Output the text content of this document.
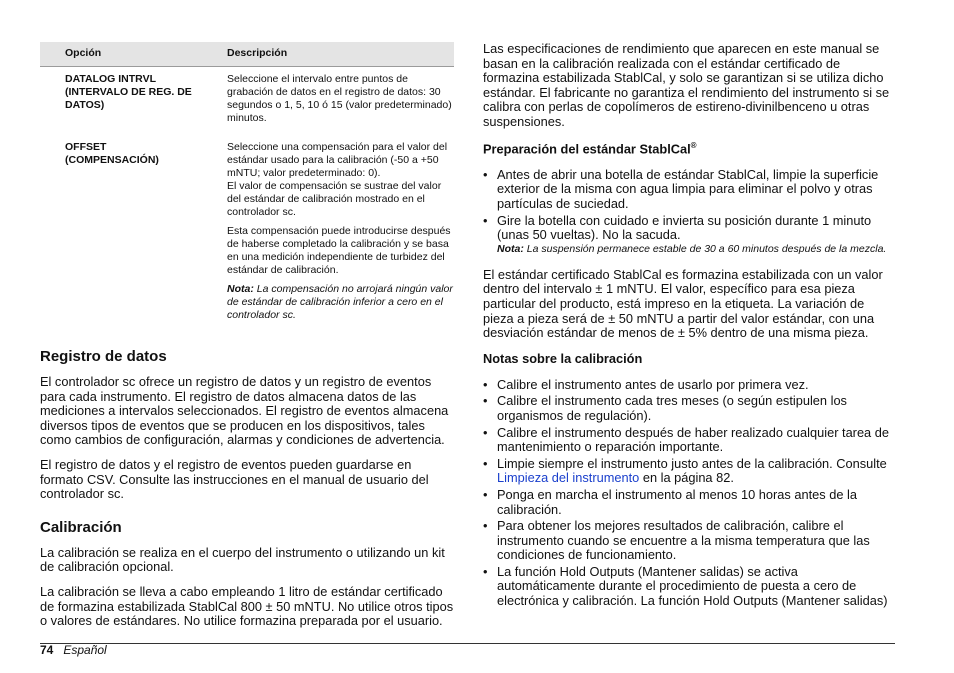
Opción	Descripción
DATALOG INTRVL (INTERVALO DE REG. DE DATOS)	Seleccione el intervalo entre puntos de grabación de datos en el registro de datos: 30 segundos o 1, 5, 10 ó 15 (valor predeterminado) minutos.

OFFSET (COMPENSACIÓN)	Seleccione una compensación para el valor del estándar usado para la calibración (-50 a +50 mNTU; valor predeterminado: 0).

El valor de compensación se sustrae del valor del estándar de calibración mostrado en el controlador sc.

Esta compensación puede introducirse después de haberse completado la calibración y se basa en una medición independiente de turbidez del estándar de calibración.

Nota: La compensación no arrojará ningún valor de estándar de calibración inferior a cero en el controlador sc.

Registro de datos

El controlador sc ofrece un registro de datos y un registro de eventos para cada instrumento. El registro de datos almacena datos de las mediciones a intervalos seleccionados. El registro de eventos almacena diversos tipos de eventos que se producen en los dispositivos, tales como cambios de configuración, alarmas y condiciones de advertencia.

El registro de datos y el registro de eventos pueden guardarse en formato CSV. Consulte las instrucciones en el manual de usuario del controlador sc.

Calibración

La calibración se realiza en el cuerpo del instrumento o utilizando un kit de calibración opcional.

La calibración se lleva a cabo empleando 1 litro de estándar certificado de formazina estabilizada StablCal 800 ± 50 mNTU. No utilice otros tipos o valores de estándares. No utilice formazina preparada por el usuario.

Las especificaciones de rendimiento que aparecen en este manual se basan en la calibración realizada con el estándar certificado de formazina estabilizada StablCal, y solo se garantizan si se utiliza dicho estándar. El fabricante no garantiza el rendimiento del instrumento si se calibra con perlas de copolímeros de estireno-divinilbenceno u otras suspensiones.

Preparación del estándar StablCal®
• Antes de abrir una botella de estándar StablCal, limpie la superficie exterior de la misma con agua limpia para eliminar el polvo y otras partículas de suciedad.
• Gire la botella con cuidado e invierta su posición durante 1 minuto (unas 50 vueltas). No la sacuda.
Nota: La suspensión permanece estable de 30 a 60 minutos después de la mezcla.

El estándar certificado StablCal es formazina estabilizada con un valor dentro del intervalo ± 1 mNTU. El valor, específico para esa pieza particular del producto, está impreso en la etiqueta. La variación de pieza a pieza será de ± 50 mNTU a partir del valor estándar, con una desviación estándar de menos de ± 5% dentro de una misma pieza.

Notas sobre la calibración
• Calibre el instrumento antes de usarlo por primera vez.
• Calibre el instrumento cada tres meses (o según estipulen los organismos de regulación).
• Calibre el instrumento después de haber realizado cualquier tarea de mantenimiento o reparación importante.
• Limpie siempre el instrumento justo antes de la calibración. Consulte Limpieza del instrumento en la página 82.
• Ponga en marcha el instrumento al menos 10 horas antes de la calibración.
• Para obtener los mejores resultados de calibración, calibre el instrumento cuando se encuentre a la misma temperatura que las condiciones de funcionamiento.
• La función Hold Outputs (Mantener salidas) se activa automáticamente durante el procedimiento de puesta a cero de electrónica y calibración. La función Hold Outputs (Mantener salidas)
74 Español
